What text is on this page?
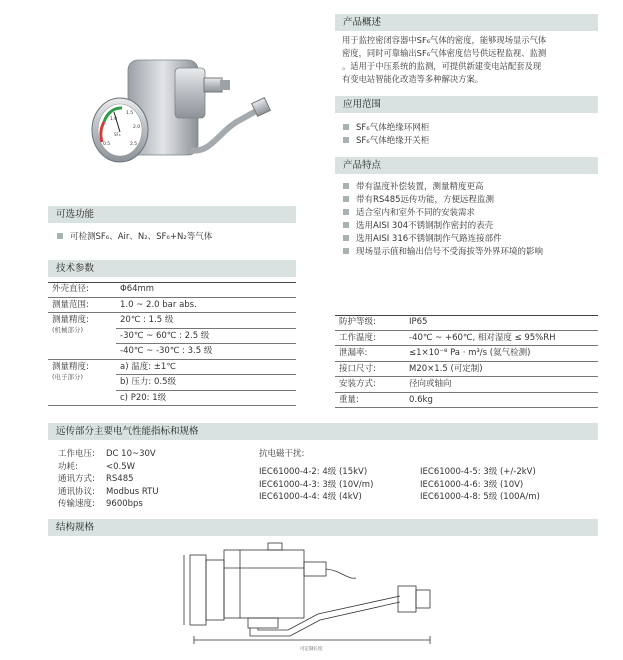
产品概述
用于监控密闭容器中SF₆气体的密度，能够现场显示气体
密度，同时可靠输出SF₆气体密度信号供远程监视、监测
。适用于中压系统的监测，可提供新建变电站配套及现
有变电站智能化改造等多种解决方案。
应用范围
SF₆气体绝缘环网柜
SF₆气体绝缘开关柜
产品特点
带有温度补偿装置，测量精度更高
带有RS485远传功能，方便远程监测
适合室内和室外不同的安装需求
选用AISI 304不锈钢制作密封的表壳
选用AISI 316不锈钢制作气路连接部件
现场显示值和输出信号不受海拔等外界环境的影响
1.5
2.0
2.5
0.5
1.0
SF₆
可选功能
可检测SF₆、Air、N₂、SF₆+N₂等气体
技术参数
外壳直径:	Φ64mm
测量范围:	1.0 ~ 2.0 bar abs.
测量精度:
(机械部分)	20℃ : 1.5 级
	-30℃ ~ 60℃ : 2.5 级
	-40℃ ~ -30℃ : 3.5 级
测量精度:
(电子部分)	a) 温度: ±1℃
	b) 压力: 0.5级
	c) P20: 1级
防护等级:	IP65
工作温度:	-40℃ ~ +60℃, 相对湿度 ≤ 95%RH
泄漏率:	≤1×10⁻⁸ Pa · m³/s (氦气检测)
接口尺寸:	M20×1.5 (可定制)
安装方式:	径向或轴向
重量:	0.6kg
远传部分主要电气性能指标和规格
工作电压: DC 10~30V
功耗:	<0.5W
通讯方式: RS485
通讯协议: Modbus RTU
传输速度: 9600bps
抗电磁干扰:
IEC61000-4-2: 4级 (15kV)
IEC61000-4-3: 3级 (10V/m)
IEC61000-4-4: 4级 (4kV)
IEC61000-4-5: 3级 (+/-2kV)
IEC61000-4-6: 3级 (10V)
IEC61000-4-8: 5级 (100A/m)
结构规格
可定制长度
